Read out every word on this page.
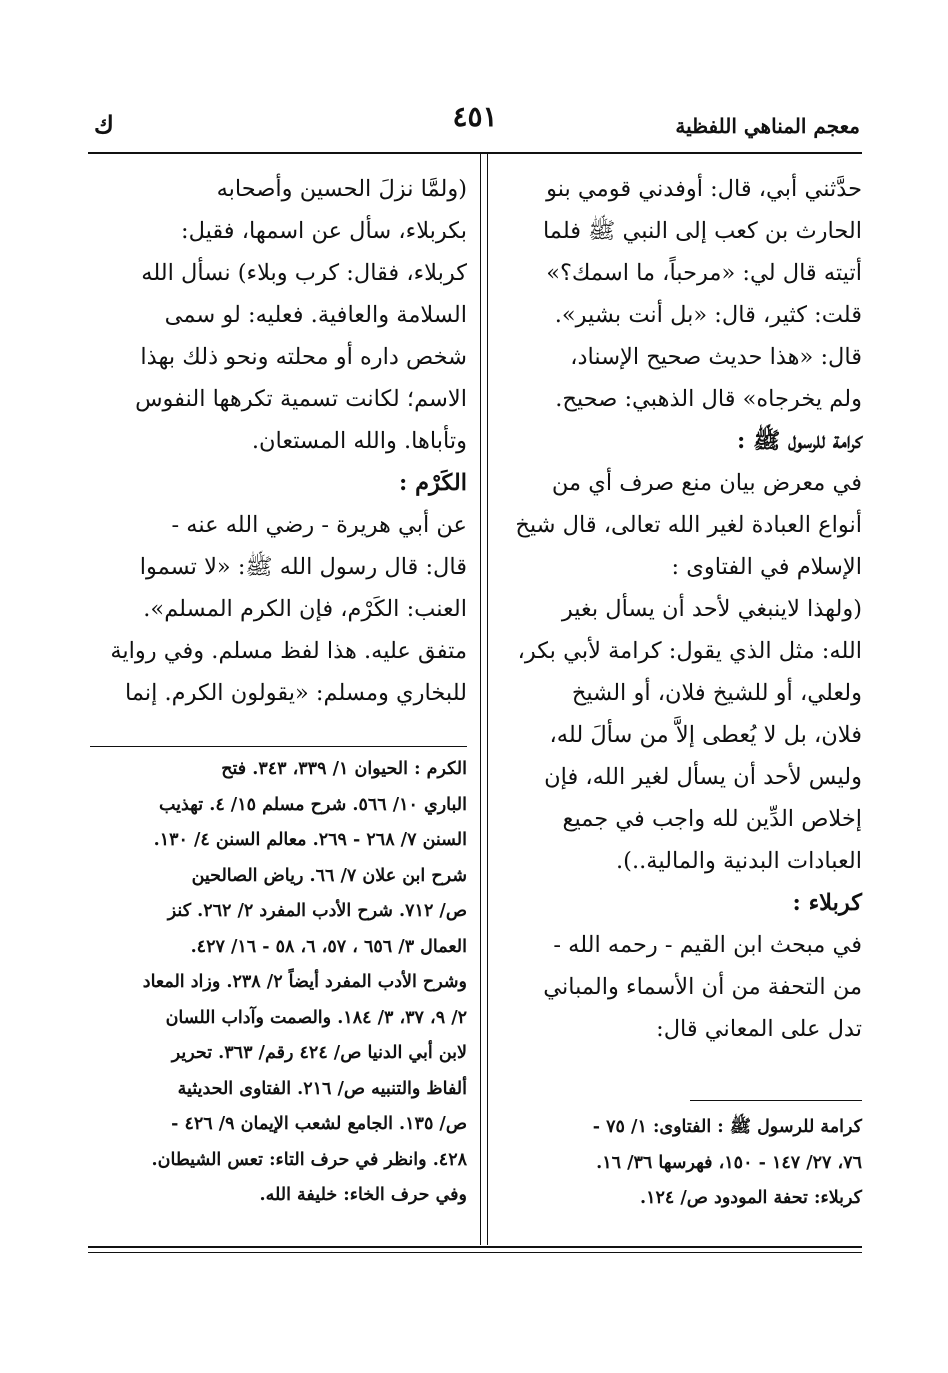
معجم المناهي اللفظية
٤٥١
ك

حدَّثني أبي، قال: أوفدني قومي بنو

الحارث بن كعب إلى النبي ﷺ فلما

أتيته قال لي: «مرحباً، ما اسمك؟»

قلت: كثير، قال: «بل أنت بشير».

قال: «هذا حديث صحيح الإسناد،

ولم يخرجاه» قال الذهبي: صحيح.

كرامة للرسول ﷺ :

في معرض بيان منع صرف أي من

أنواع العبادة لغير الله تعالى، قال شيخ

الإسلام في الفتاوى :

(ولهذا لاينبغي لأحد أن يسأل بغير

الله: مثل الذي يقول: كرامة لأبي بكر،

ولعلي، أو للشيخ فلان، أو الشيخ

فلان، بل لا يُعطى إلاَّ من سألَ لله،

وليس لأحد أن يسأل لغير الله، فإن

إخلاص الدِّين لله واجب في جميع

العبادات البدنية والمالية..).

كربلاء :

في مبحث ابن القيم - رحمه الله -

من التحفة من أن الأسماء والمباني

تدل على المعاني قال:

(ولمَّا نزلَ الحسين وأصحابه

بكربلاء، سأل عن اسمها، فقيل:

كربلاء، فقال: كرب وبلاء) نسأل الله

السلامة والعافية. فعليه: لو سمى

شخص داره أو محلته ونحو ذلك بهذا

الاسم؛ لكانت تسمية تكرهها النفوس

وتأباها. والله المستعان.

الكَرْم :

عن أبي هريرة - رضي الله عنه -

قال: قال رسول الله ﷺ: «لا تسموا

العنب: الكَرْم، فإن الكرم المسلم».

متفق عليه. هذا لفظ مسلم. وفي رواية

للبخاري ومسلم: «يقولون الكرم. إنما

الكرم : الحيوان ١/ ٣٣٩، ٣٤٣. فتح

الباري ١٠/ ٥٦٦. شرح مسلم ١٥/ ٤. تهذيب

السنن ٧/ ٢٦٨ - ٢٦٩. معالم السنن ٤/ ١٣٠.

شرح ابن علان ٧/ ٦٦. رياض الصالحين

ص/ ٧١٢. شرح الأدب المفرد ٢/ ٢٦٢. كنز

العمال ٣/ ٦٥٦ ، ٥٧، ٦، ٥٨ - ١٦/ ٤٢٧.

وشرح الأدب المفرد أيضاً ٢/ ٢٣٨. وزاد المعاد

٢/ ٩، ٣٧، ٣/ ١٨٤. والصمت وآداب اللسان

لابن أبي الدنيا ص/ ٤٢٤ رقم/ ٣٦٣. تحرير

ألفاظ والتنبيه ص/ ٢١٦. الفتاوى الحديثية

ص/ ١٣٥. الجامع لشعب الإيمان ٩/ ٤٢٦ -

٤٢٨. وانظر في حرف التاء: تعس الشيطان.

وفي حرف الخاء: خليفة الله.

كرامة للرسول ﷺ : الفتاوى: ١/ ٧٥ -

٧٦، ٢٧/ ١٤٧ - ١٥٠، فهرسها ٣٦/ ١٦.

كربلاء: تحفة المودود ص/ ١٢٤.
